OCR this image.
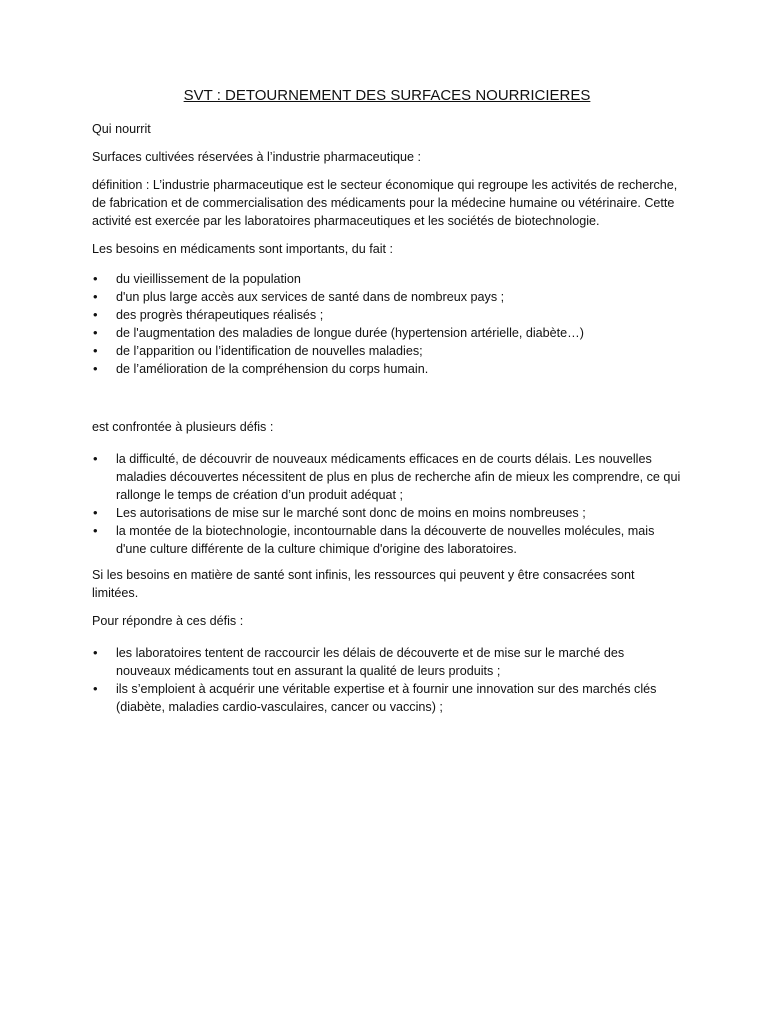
SVT : DETOURNEMENT DES SURFACES NOURRICIERES

Qui nourrit

Surfaces cultivées réservées à l’industrie pharmaceutique :

définition : L’industrie pharmaceutique est le secteur économique qui regroupe les activités de recherche, de fabrication et de commercialisation des médicaments pour la médecine humaine ou vétérinaire. Cette activité est exercée par les laboratoires pharmaceutiques et les sociétés de biotechnologie.

Les besoins en médicaments sont importants, du fait :

• du vieillissement de la population
• d'un plus large accès aux services de santé dans de nombreux pays ;
• des progrès thérapeutiques réalisés ;
• de l'augmentation des maladies de longue durée (hypertension artérielle, diabète…)
• de l’apparition ou l’identification de nouvelles maladies;
• de l’amélioration de la compréhension du corps humain.

est confrontée à plusieurs défis :

• la difficulté, de découvrir de nouveaux médicaments efficaces en de courts délais. Les nouvelles maladies découvertes nécessitent de plus en plus de recherche afin de mieux les comprendre, ce qui rallonge le temps de création d’un produit adéquat ;
• Les autorisations de mise sur le marché sont donc de moins en moins nombreuses ;
• la montée de la biotechnologie, incontournable dans la découverte de nouvelles molécules, mais d'une culture différente de la culture chimique d'origine des laboratoires.

Si les besoins en matière de santé sont infinis, les ressources qui peuvent y être consacrées sont limitées.

Pour répondre à ces défis :

• les laboratoires tentent de raccourcir les délais de découverte et de mise sur le marché des nouveaux médicaments tout en assurant la qualité de leurs produits ;
• ils s’emploient à acquérir une véritable expertise et à fournir une innovation sur des marchés clés (diabète, maladies cardio-vasculaires, cancer ou vaccins) ;
